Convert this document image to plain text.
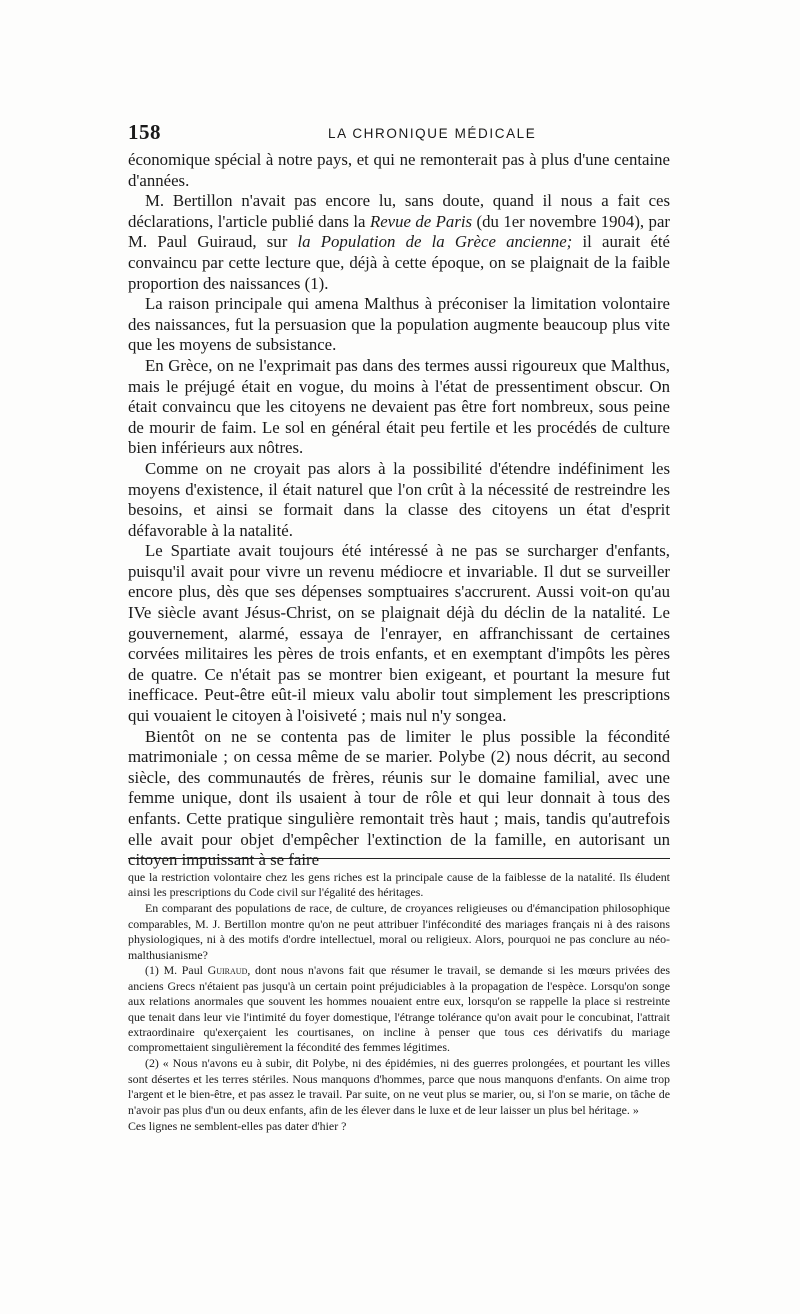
158	LA CHRONIQUE MÉDICALE

économique spécial à notre pays, et qui ne remonterait pas à plus d'une centaine d'années.

M. Bertillon n'avait pas encore lu, sans doute, quand il nous a fait ces déclarations, l'article publié dans la Revue de Paris (du 1er novembre 1904), par M. Paul Guiraud, sur la Population de la Grèce ancienne; il aurait été convaincu par cette lecture que, déjà à cette époque, on se plaignait de la faible proportion des naissances (1).

La raison principale qui amena Malthus à préconiser la limitation volontaire des naissances, fut la persuasion que la population augmente beaucoup plus vite que les moyens de subsistance.

En Grèce, on ne l'exprimait pas dans des termes aussi rigoureux que Malthus, mais le préjugé était en vogue, du moins à l'état de pressentiment obscur. On était convaincu que les citoyens ne devaient pas être fort nombreux, sous peine de mourir de faim. Le sol en général était peu fertile et les procédés de culture bien inférieurs aux nôtres.

Comme on ne croyait pas alors à la possibilité d'étendre indéfiniment les moyens d'existence, il était naturel que l'on crût à la nécessité de restreindre les besoins, et ainsi se formait dans la classe des citoyens un état d'esprit défavorable à la natalité.

Le Spartiate avait toujours été intéressé à ne pas se surcharger d'enfants, puisqu'il avait pour vivre un revenu médiocre et invariable. Il dut se surveiller encore plus, dès que ses dépenses somptuaires s'accrurent. Aussi voit-on qu'au IVe siècle avant Jésus-Christ, on se plaignait déjà du déclin de la natalité. Le gouvernement, alarmé, essaya de l'enrayer, en affranchissant de certaines corvées militaires les pères de trois enfants, et en exemptant d'impôts les pères de quatre. Ce n'était pas se montrer bien exigeant, et pourtant la mesure fut inefficace. Peut-être eût-il mieux valu abolir tout simplement les prescriptions qui vouaient le citoyen à l'oisiveté ; mais nul n'y songea.

Bientôt on ne se contenta pas de limiter le plus possible la fécondité matrimoniale ; on cessa même de se marier. Polybe (2) nous décrit, au second siècle, des communautés de frères, réunis sur le domaine familial, avec une femme unique, dont ils usaient à tour de rôle et qui leur donnait à tous des enfants. Cette pratique singulière remontait très haut ; mais, tandis qu'autrefois elle avait pour objet d'empêcher l'extinction de la famille, en autorisant un citoyen impuissant à se faire

que la restriction volontaire chez les gens riches est la principale cause de la faiblesse de la natalité. Ils éludent ainsi les prescriptions du Code civil sur l'égalité des héritages.

En comparant des populations de race, de culture, de croyances religieuses ou d'émancipation philosophique comparables, M. J. Bertillon montre qu'on ne peut attribuer l'infécondité des mariages français ni à des raisons physiologiques, ni à des motifs d'ordre intellectuel, moral ou religieux. Alors, pourquoi ne pas conclure au néo-malthusianisme?

(1) M. Paul Guiraud, dont nous n'avons fait que résumer le travail, se demande si les mœurs privées des anciens Grecs n'étaient pas jusqu'à un certain point préjudiciables à la propagation de l'espèce. Lorsqu'on songe aux relations anormales que souvent les hommes nouaient entre eux, lorsqu'on se rappelle la place si restreinte que tenait dans leur vie l'intimité du foyer domestique, l'étrange tolérance qu'on avait pour le concubinat, l'attrait extraordinaire qu'exerçaient les courtisanes, on incline à penser que tous ces dérivatifs du mariage compromettaient singulièrement la fécondité des femmes légitimes.

(2) « Nous n'avons eu à subir, dit Polybe, ni des épidémies, ni des guerres prolongées, et pourtant les villes sont désertes et les terres stériles. Nous manquons d'hommes, parce que nous manquons d'enfants. On aime trop l'argent et le bien-être, et pas assez le travail. Par suite, on ne veut plus se marier, ou, si l'on se marie, on tâche de n'avoir pas plus d'un ou deux enfants, afin de les élever dans le luxe et de leur laisser un plus bel héritage. »

Ces lignes ne semblent-elles pas dater d'hier ?
